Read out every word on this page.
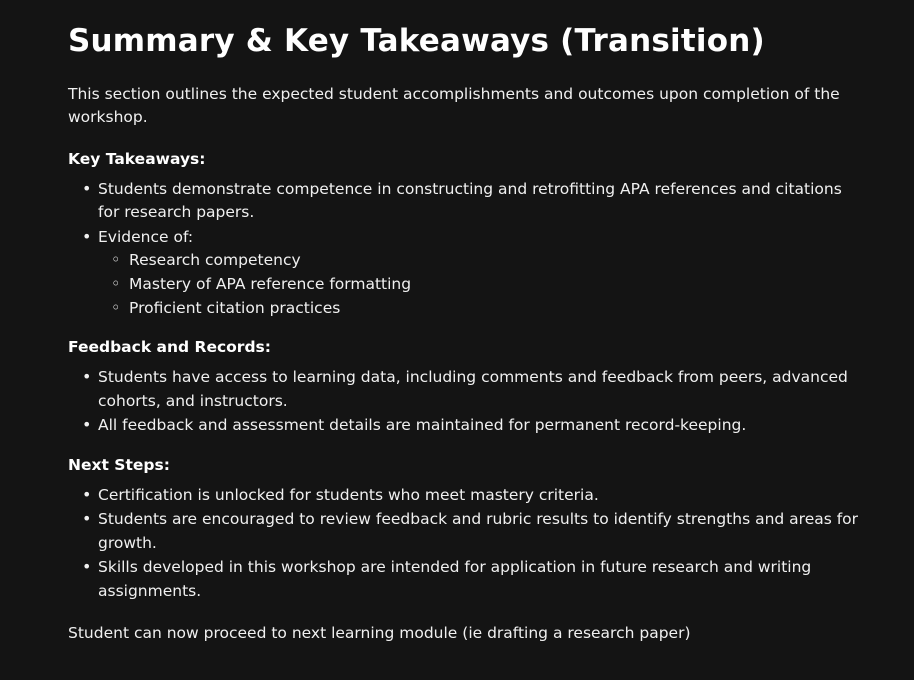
Summary & Key Takeaways (Transition)

This section outlines the expected student accomplishments and outcomes upon completion of the workshop.

Key Takeaways:
• Students demonstrate competence in constructing and retrofitting APA references and citations for research papers.
• Evidence of:
◦ Research competency
◦ Mastery of APA reference formatting
◦ Proficient citation practices
Feedback and Records:
• Students have access to learning data, including comments and feedback from peers, advanced cohorts, and instructors.
• All feedback and assessment details are maintained for permanent record-keeping.
Next Steps:
• Certification is unlocked for students who meet mastery criteria.
• Students are encouraged to review feedback and rubric results to identify strengths and areas for growth.
• Skills developed in this workshop are intended for application in future research and writing assignments.

Student can now proceed to next learning module (ie drafting a research paper)
